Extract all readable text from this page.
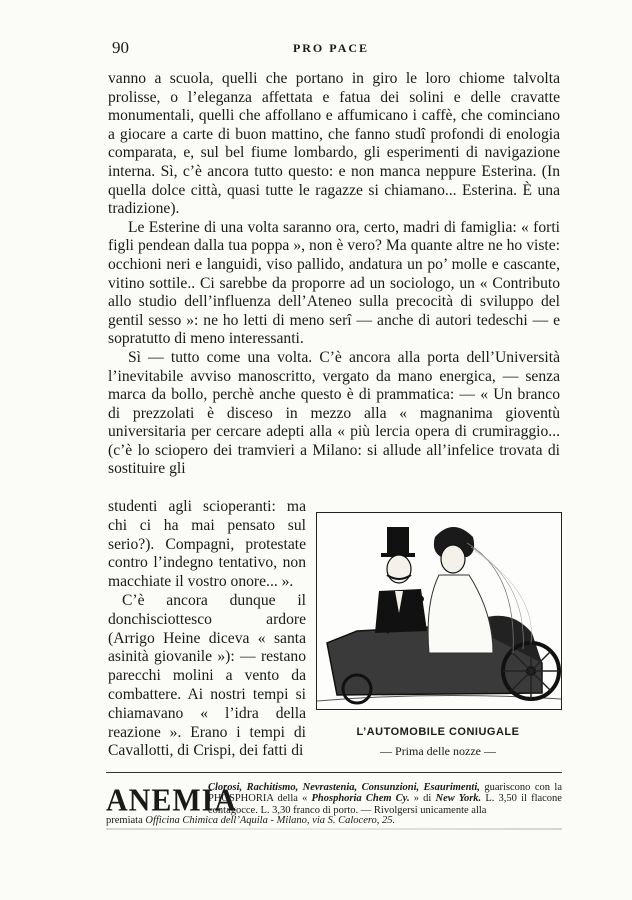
90	PRO PACE

vanno a scuola, quelli che portano in giro le loro chiome talvolta prolisse, o l’eleganza affettata e fatua dei solini e delle cravatte monumentali, quelli che affollano e affumicano i caffè, che cominciano a giocare a carte di buon mattino, che fanno studî profondi di enologia comparata, e, sul bel fiume lombardo, gli esperimenti di navigazione interna. Sì, c’è ancora tutto questo: e non manca neppure Esterina. (In quella dolce città, quasi tutte le ragazze si chiamano... Esterina. È una tradizione).

Le Esterine di una volta saranno ora, certo, madri di famiglia: « forti figli pendean dalla tua poppa », non è vero? Ma quante altre ne ho viste: occhioni neri e languidi, viso pallido, andatura un po’ molle e cascante, vitino sottile.. Ci sarebbe da proporre ad un sociologo, un « Contributo allo studio dell’influenza dell’Ateneo sulla precocità di sviluppo del gentil sesso »: ne ho letti di meno serî — anche di autori tedeschi — e sopratutto di meno interessanti.

Sì — tutto come una volta. C’è ancora alla porta dell’Università l’inevitabile avviso manoscritto, vergato da mano energica, — senza marca da bollo, perchè anche questo è di prammatica: — « Un branco di prezzolati è disceso in mezzo alla « magnanima gioventù universitaria per cercare adepti alla « più lercia opera di crumiraggio... (c’è lo sciopero dei tramvieri a Milano: si allude all’infelice trovata di sostituire gli

studenti agli scioperanti: ma chi ci ha mai pensato sul serio?). Compagni, protestate contro l’indegno tentativo, non macchiate il vostro onore... ».

C’è ancora dunque il donchisciottesco ardore (Arrigo Heine diceva « santa asinità giovanile »): — restano parecchi molini a vento da combattere. Ai nostri tempi si chiamavano « l’idra della reazione ». Erano i tempi di Cavallotti, di Crispi, dei fatti di

L’AUTOMOBILE CONIUGALE
— Prima delle nozze —
ANEMIA
Clorosi, Rachitismo, Nevrastenia, Consunzioni, Esaurimenti, guariscono con la PHOSPHORIA della « Phosphoria Chem Cy. » di New York. L. 3,50 il flacone contagocce. L. 3,30 franco di porto. — Rivolgersi unicamente alla
premiata Officina Chimica dell’Aquila - Milano, via S. Calocero, 25.
